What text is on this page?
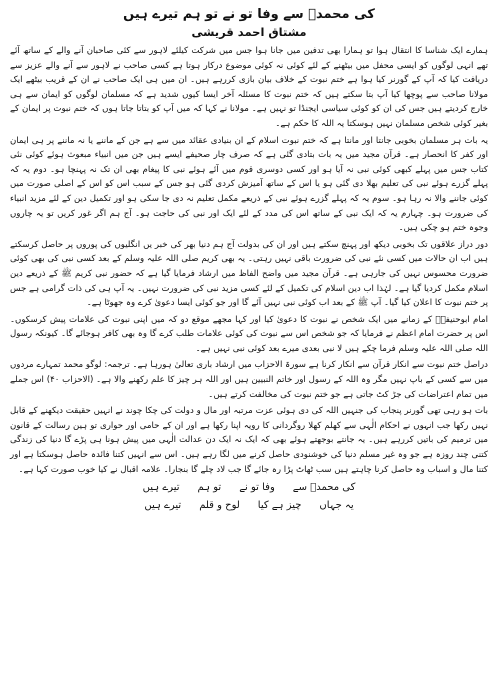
کی محمدؐ سے وفا تو نے تو ہم تیرے ہیں
مشتاق احمد قریشی

ہمارے ایک شناسا کا انتقال ہوا تو ہمارا بھی تدفین میں جانا ہوا جس میں شرکت کیلئے لاہور سے کئی صاحبان آنے والے کے ساتھ آئے تھے انہی لوگوں کو ایسی محفل میں بیٹھنے کے لئے کوئی نہ کوئی موضوع درکار ہوتا ہے کسی صاحب نے لاہور سے آنے والے عزیز سے دریافت کیا کہ آپ کے گورنر کیا ہوا ہے ختم نبوت کے خلاف بیان بازی کررہے ہیں۔ ان میں ہی ایک صاحب نے ان کے قریب بیٹھے ایک مولانا صاحب سے پوچھا کیا آپ بتا سکتے ہیں کہ ختم نبوت کا مسئلہ آخر ایسا کیوں شدید ہے کہ مسلمان لوگوں کو ایمان سے ہی خارج کردیتے ہیں جس کی ان کو کوئی سیاسی ایجنڈا تو نہیں ہے۔ مولانا نے کہا کہ میں آپ کو بتاتا جاتا ہوں کہ ختم نبوت پر ایمان کے بغیر کوئی شخص مسلمان نہیں ہوسکتا یہ اللہ کا حکم ہے۔

یہ بات ہر مسلمان بخوبی جانتا اور مانتا ہے کہ ختم نبوت اسلام کے ان بنیادی عقائد میں سے ہے جن کے ماننے یا نہ ماننے پر ہی ایمان اور کفر کا انحصار ہے۔ قرآن مجید میں یہ بات بتادی گئی ہے کہ صرف چار صحیفے ایسے ہیں جن میں انبیاء مبعوث ہوئے کوئی نئی کتاب جس میں پہلے کبھی کوئی نبی نہ آیا ہو اور کسی دوسری قوم میں آئے ہوئے نبی کا پیغام بھی ان تک نہ پہنچا ہو۔ دوم یہ کہ پہلے گزرے ہوئے نبی کی تعلیم بھلا دی گئی ہو یا اس کے ساتھ آمیزش کردی گئی ہو جس کے سبب اس کو اس کے اصلی صورت میں کوئی جاننے والا نہ رہا ہو۔ سوم یہ کہ پہلے گزرے ہوئے نبی کے ذریعے مکمل تعلیم نہ دی جا سکی ہو اور تکمیل دین کے لئے مزید انبیاء کی ضرورت ہو۔ چہارم یہ کہ ایک نبی کے ساتھ اس کی مدد کے لئے ایک اور نبی کی حاجت ہو۔ آج ہم اگر غور کریں تو یہ چاروں وجوہ ختم ہو چکی ہیں۔

دور دراز علاقوں تک بخوبی دیکھ اور پہنچ سکتے ہیں اور ان کی بدولت آج ہم دنیا بھر کی خبر یں انگلیوں کی پوروں پر حاصل کرسکتے ہیں اب ان حالات میں کسی نئے نبی کی ضرورت باقی نہیں رہتی۔ یہ بھی کریم صلی اللہ علیہ وسلم کے بعد کسی نبی کی بھی کوئی ضرورت محسوس نہیں کی جارہی ہے۔ قرآن مجید میں واضح الفاظ میں ارشاد فرمایا گیا ہے کہ حضور نبی کریم ﷺ کے ذریعے دین اسلام مکمل کردیا گیا ہے۔ لہٰذا اب دین اسلام کی تکمیل کے لئے کسی مزید نبی کی ضرورت نہیں۔ یہ آپ ہی کی ذات گرامی ہے جس پر ختم نبوت کا اعلان کیا گیا۔ آپ ﷺ کے بعد اب کوئی نبی نہیں آئے گا اور جو کوئی ایسا دعویٰ کرے وہ جھوٹا ہے۔

امام ابوحنیفہؒ کے زمانے میں ایک شخص نے نبوت کا دعویٰ کیا اور کہا مجھے موقع دو کہ میں اپنی نبوت کی علامات پیش کرسکوں۔ اس پر حضرت امام اعظم نے فرمایا کہ جو شخص اس سے نبوت کی کوئی علامات طلب کرے گا وہ بھی کافر ہوجائے گا۔ کیونکہ رسول اللہ صلی اللہ علیہ وسلم فرما چکے ہیں لا نبی بعدی میرے بعد کوئی نبی نہیں ہے۔

دراصل ختم نبوت سے انکار قرآن سے انکار کرنا ہے سورۃ الاحزاب میں ارشاد باری تعالیٰ ہورہا ہے۔ ترجمہ: لوگو محمد تمہارے مردوں میں سے کسی کے باپ نہیں مگر وہ اللہ کے رسول اور خاتم النبیین ہیں اور اللہ ہر چیز کا علم رکھنے والا ہے۔ (الاحزاب ۴۰) اس جملے میں تمام اعتراضات کی جڑ کٹ جاتی ہے جو ختم نبوت کی مخالفت کرتے ہیں۔

بات ہو رہی تھی گورنر پنجاب کی جنہیں اللہ کی دی ہوئی عزت مرتبہ اور مال و دولت کی چکا چوند نے انہیں حقیقت دیکھنے کے قابل نہیں رکھا جب انہوں نے احکام الٰہی سے کھلم کھلا روگردانی کا رویہ اپنا رکھا ہے اور ان کے حامی اور حواری تو ہین رسالت کے قانون میں ترمیم کی باتیں کررہے ہیں۔ یہ جانتے بوجھتے ہوئے بھی کہ ایک نہ ایک دن عدالت الٰہی میں پیش ہونا ہی پڑے گا دنیا کی زندگی کتنی چند روزہ ہے جو وہ غیر مسلم دنیا کی خوشنودی حاصل کرنے میں لگا رہے ہیں۔ اس سے انہیں کتنا فائدہ حاصل ہوسکتا ہے اور کتنا مال و اسباب وہ حاصل کرنا چاہتے ہیں سب ٹھاٹ پڑا رہ جائے گا جب لاد چلے گا بنجارا۔ علامہ اقبال نے کیا خوب صورت کہا ہے۔

کی محمدؐ سے
وفا تو نے
تو ہم
تیرے ہیں
یہ جہاں
چیز ہے کیا
لوح و قلم
تیرے ہیں
